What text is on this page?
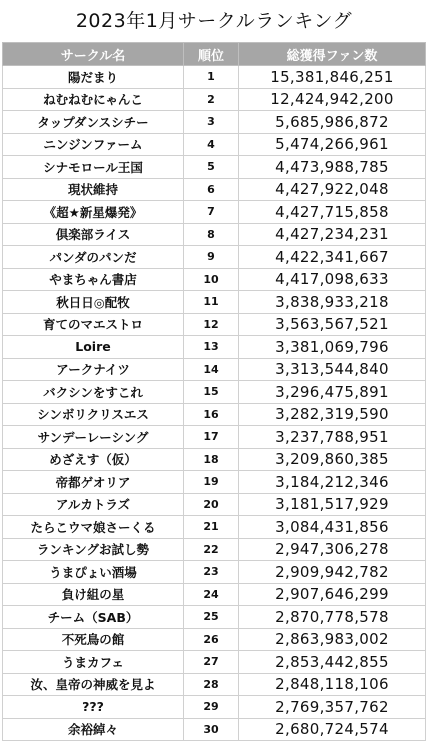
2023年1月サークルランキング
サークル名	順位	総獲得ファン数
陽だまり	1	15,381,846,251
ねむねむにゃんこ	2	12,424,942,200
タップダンスシチー	3	5,685,986,872
ニンジンファーム	4	5,474,266,961
シナモロール王国	5	4,473,988,785
現状維持	6	4,427,922,048
《超★新星爆発》	7	4,427,715,858
倶楽部ライス	8	4,427,234,231
パンダのパンだ	9	4,422,341,667
やまちゃん書店	10	4,417,098,633
秋日日◎配牧	11	3,838,933,218
育てのマエストロ	12	3,563,567,521
Loire	13	3,381,069,796
アークナイツ	14	3,313,544,840
バクシンをすこれ	15	3,296,475,891
シンボリクリスエス	16	3,282,319,590
サンデーレーシング	17	3,237,788,951
めざえす（仮）	18	3,209,860,385
帝都ゲオリア	19	3,184,212,346
アルカトラズ	20	3,181,517,929
たらこウマ娘さーくる	21	3,084,431,856
ランキングお試し勢	22	2,947,306,278
うまぴょい酒場	23	2,909,942,782
負け組の星	24	2,907,646,299
チーム（SAB）	25	2,870,778,578
不死鳥の館	26	2,863,983,002
うまカフェ	27	2,853,442,855
汝、皇帝の神威を見よ	28	2,848,118,106
???	29	2,769,357,762
余裕綽々	30	2,680,724,574
